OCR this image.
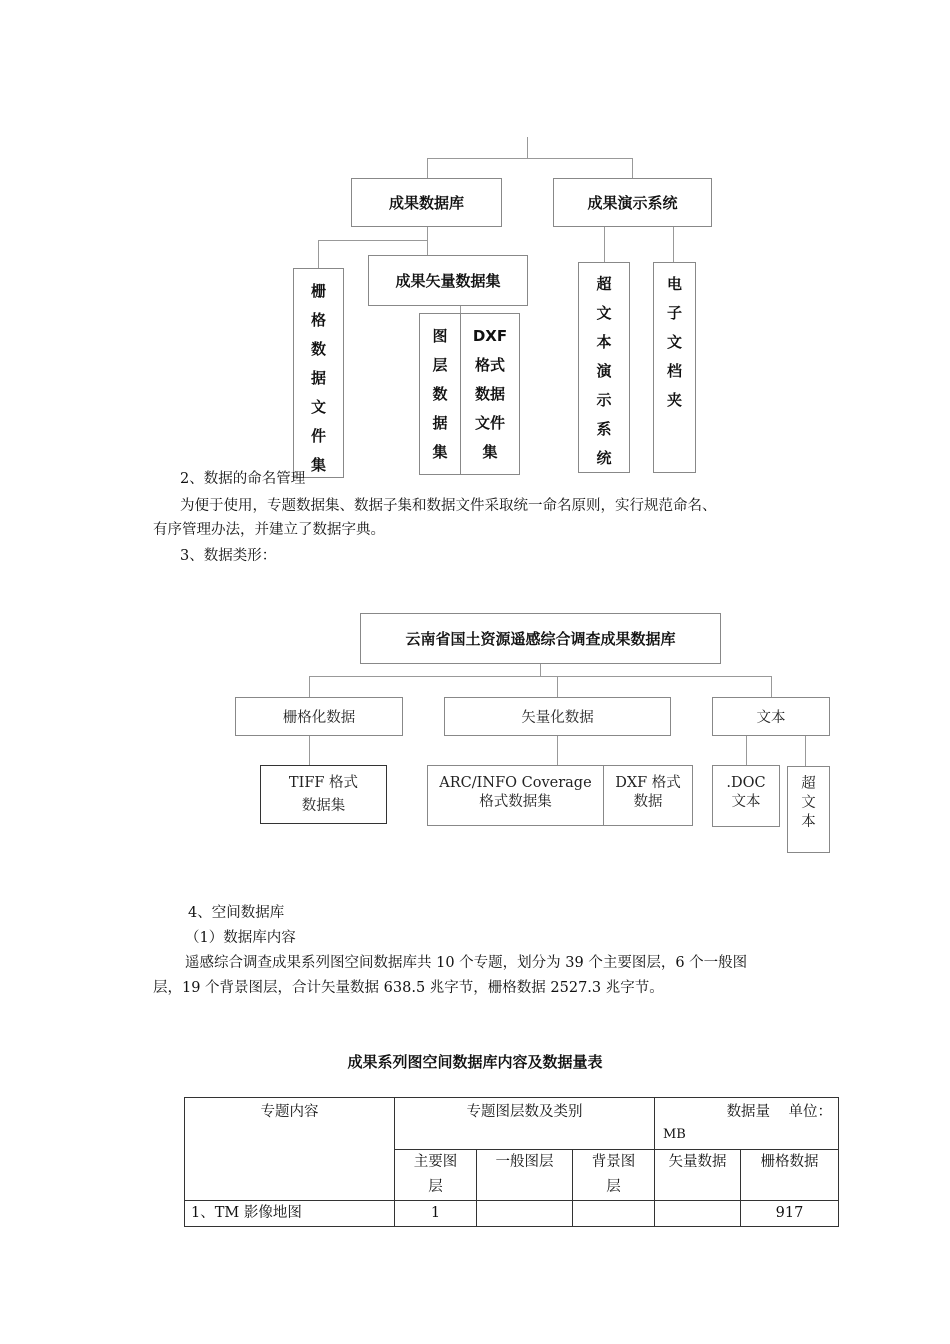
成果数据库	成果演示系统
栅
格
数
据
文
件
集
成果矢量数据集
图
层
数
据
集
DXF
格式
数据
文件
集
超
文
本
演
示
系
统
电
子
文
档
夹
2、数据的命名管理
为便于使用，专题数据集、数据子集和数据文件采取统一命名原则，实行规范命名、
有序管理办法，并建立了数据字典。
3、数据类形：
云南省国土资源遥感综合调查成果数据库
栅格化数据	矢量化数据	文本
TIFF 格式
数据集
ARC/INFO Coverage
格式数据集
DXF 格式
数据
.DOC
文本
超
文
本
4、空间数据库
（1）数据库内容
遥感综合调查成果系列图空间数据库共 10 个专题，划分为 39 个主要图层，6 个一般图
层，19 个背景图层，合计矢量数据 638.5 兆字节，栅格数据 2527.3 兆字节。
成果系列图空间数据库内容及数据量表
专题内容	专题图层数及类别			数据量    单位：
MB	

	主要图
层	一般图层	背景图
层	矢量数据	栅格数据
1、TM 影像地图	1				917
